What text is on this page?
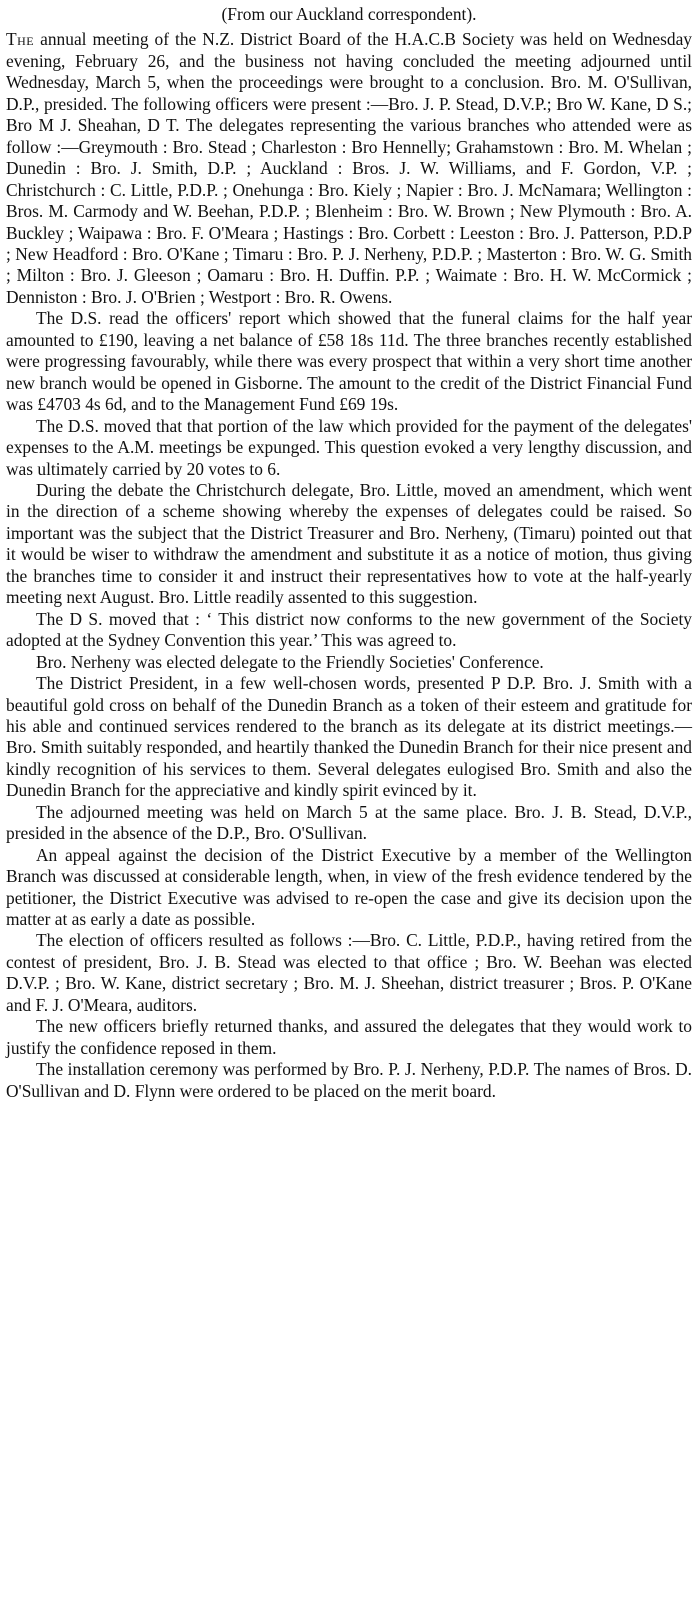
(From our Auckland correspondent).

The annual meeting of the N.Z. District Board of the H.A.C.B Society was held on Wednesday evening, February 26, and the business not having concluded the meeting adjourned until Wednesday, March 5, when the proceedings were brought to a conclusion. Bro. M. O'Sullivan, D.P., presided. The following officers were present :—Bro. J. P. Stead, D.V.P.; Bro W. Kane, D S.; Bro M J. Sheahan, D T. The delegates representing the various branches who attended were as follow :—Greymouth : Bro. Stead ; Charleston : Bro Hennelly; Grahamstown : Bro. M. Whelan ; Dunedin : Bro. J. Smith, D.P. ; Auckland : Bros. J. W. Williams, and F. Gordon, V.P. ; Christchurch : C. Little, P.D.P. ; Onehunga : Bro. Kiely ; Napier : Bro. J. McNamara; Wellington : Bros. M. Carmody and W. Beehan, P.D.P. ; Blenheim : Bro. W. Brown ; New Plymouth : Bro. A. Buckley ; Waipawa : Bro. F. O'Meara ; Hastings : Bro. Corbett : Leeston : Bro. J. Patterson, P.D.P ; New Headford : Bro. O'Kane ; Timaru : Bro. P. J. Nerheny, P.D.P. ; Masterton : Bro. W. G. Smith ; Milton : Bro. J. Gleeson ; Oamaru : Bro. H. Duffin. P.P. ; Waimate : Bro. H. W. McCormick ; Denniston : Bro. J. O'Brien ; Westport : Bro. R. Owens.

The D.S. read the officers' report which showed that the funeral claims for the half year amounted to £190, leaving a net balance of £58 18s 11d. The three branches recently established were progressing favourably, while there was every prospect that within a very short time another new branch would be opened in Gisborne. The amount to the credit of the District Financial Fund was £4703 4s 6d, and to the Management Fund £69 19s.

The D.S. moved that that portion of the law which provided for the payment of the delegates' expenses to the A.M. meetings be expunged. This question evoked a very lengthy discussion, and was ultimately carried by 20 votes to 6.

During the debate the Christchurch delegate, Bro. Little, moved an amendment, which went in the direction of a scheme showing whereby the expenses of delegates could be raised. So important was the subject that the District Treasurer and Bro. Nerheny, (Timaru) pointed out that it would be wiser to withdraw the amendment and substitute it as a notice of motion, thus giving the branches time to consider it and instruct their representatives how to vote at the half-yearly meeting next August. Bro. Little readily assented to this suggestion.

The D S. moved that : ‘ This district now conforms to the new government of the Society adopted at the Sydney Convention this year.’ This was agreed to.

Bro. Nerheny was elected delegate to the Friendly Societies' Conference.

The District President, in a few well-chosen words, presented P D.P. Bro. J. Smith with a beautiful gold cross on behalf of the Dunedin Branch as a token of their esteem and gratitude for his able and continued services rendered to the branch as its delegate at its district meetings.—Bro. Smith suitably responded, and heartily thanked the Dunedin Branch for their nice present and kindly recognition of his services to them. Several delegates eulogised Bro. Smith and also the Dunedin Branch for the appreciative and kindly spirit evinced by it.

The adjourned meeting was held on March 5 at the same place. Bro. J. B. Stead, D.V.P., presided in the absence of the D.P., Bro. O'Sullivan.

An appeal against the decision of the District Executive by a member of the Wellington Branch was discussed at considerable length, when, in view of the fresh evidence tendered by the petitioner, the District Executive was advised to re-open the case and give its decision upon the matter at as early a date as possible.

The election of officers resulted as follows :—Bro. C. Little, P.D.P., having retired from the contest of president, Bro. J. B. Stead was elected to that office ; Bro. W. Beehan was elected D.V.P. ; Bro. W. Kane, district secretary ; Bro. M. J. Sheehan, district treasurer ; Bros. P. O'Kane and F. J. O'Meara, auditors.

The new officers briefly returned thanks, and assured the delegates that they would work to justify the confidence reposed in them.

The installation ceremony was performed by Bro. P. J. Nerheny, P.D.P. The names of Bros. D. O'Sullivan and D. Flynn were ordered to be placed on the merit board.
